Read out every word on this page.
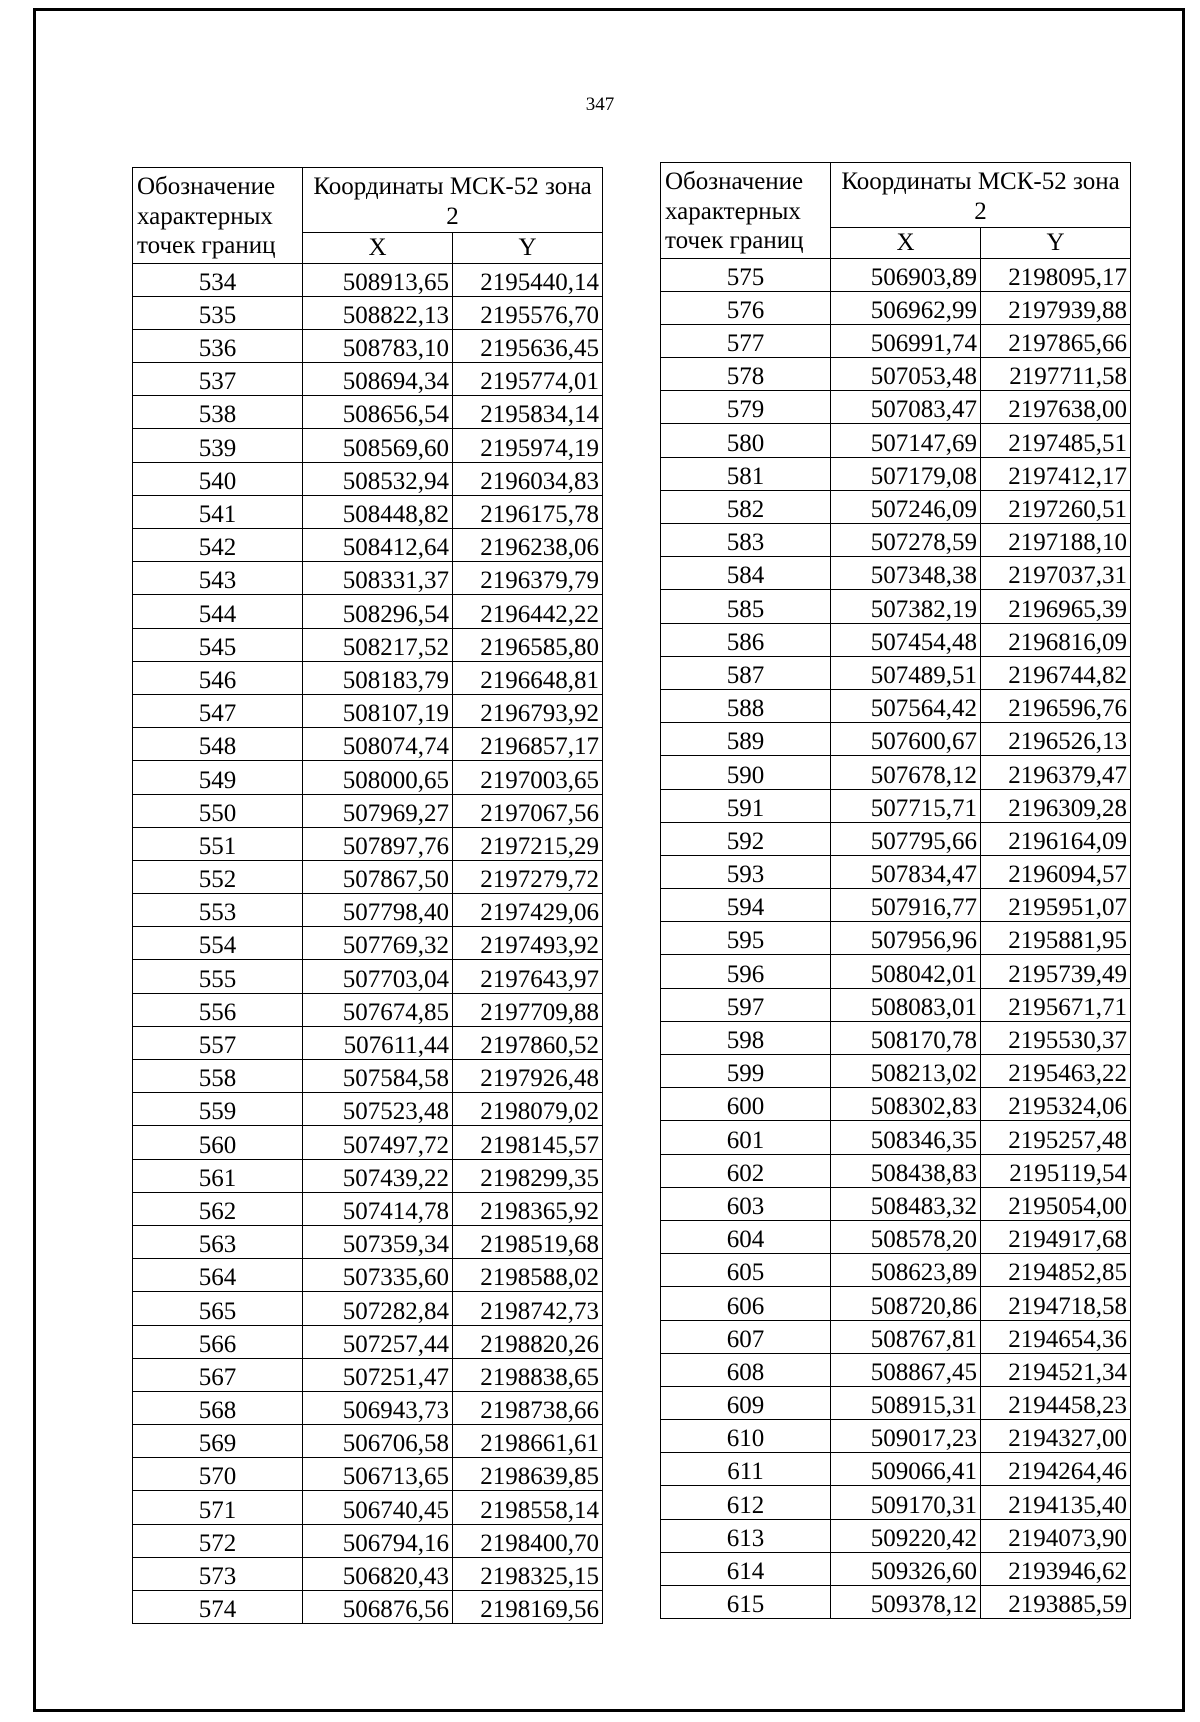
347
Обозначение характерных точек границ	Координаты МСК-52 зона 2	
	X	Y
534	508913,65	2195440,14
535	508822,13	2195576,70
536	508783,10	2195636,45
537	508694,34	2195774,01
538	508656,54	2195834,14
539	508569,60	2195974,19
540	508532,94	2196034,83
541	508448,82	2196175,78
542	508412,64	2196238,06
543	508331,37	2196379,79
544	508296,54	2196442,22
545	508217,52	2196585,80
546	508183,79	2196648,81
547	508107,19	2196793,92
548	508074,74	2196857,17
549	508000,65	2197003,65
550	507969,27	2197067,56
551	507897,76	2197215,29
552	507867,50	2197279,72
553	507798,40	2197429,06
554	507769,32	2197493,92
555	507703,04	2197643,97
556	507674,85	2197709,88
557	507611,44	2197860,52
558	507584,58	2197926,48
559	507523,48	2198079,02
560	507497,72	2198145,57
561	507439,22	2198299,35
562	507414,78	2198365,92
563	507359,34	2198519,68
564	507335,60	2198588,02
565	507282,84	2198742,73
566	507257,44	2198820,26
567	507251,47	2198838,65
568	506943,73	2198738,66
569	506706,58	2198661,61
570	506713,65	2198639,85
571	506740,45	2198558,14
572	506794,16	2198400,70
573	506820,43	2198325,15
574	506876,56	2198169,56
Обозначение характерных точек границ	Координаты МСК-52 зона 2	
	X	Y
575	506903,89	2198095,17
576	506962,99	2197939,88
577	506991,74	2197865,66
578	507053,48	2197711,58
579	507083,47	2197638,00
580	507147,69	2197485,51
581	507179,08	2197412,17
582	507246,09	2197260,51
583	507278,59	2197188,10
584	507348,38	2197037,31
585	507382,19	2196965,39
586	507454,48	2196816,09
587	507489,51	2196744,82
588	507564,42	2196596,76
589	507600,67	2196526,13
590	507678,12	2196379,47
591	507715,71	2196309,28
592	507795,66	2196164,09
593	507834,47	2196094,57
594	507916,77	2195951,07
595	507956,96	2195881,95
596	508042,01	2195739,49
597	508083,01	2195671,71
598	508170,78	2195530,37
599	508213,02	2195463,22
600	508302,83	2195324,06
601	508346,35	2195257,48
602	508438,83	2195119,54
603	508483,32	2195054,00
604	508578,20	2194917,68
605	508623,89	2194852,85
606	508720,86	2194718,58
607	508767,81	2194654,36
608	508867,45	2194521,34
609	508915,31	2194458,23
610	509017,23	2194327,00
611	509066,41	2194264,46
612	509170,31	2194135,40
613	509220,42	2194073,90
614	509326,60	2193946,62
615	509378,12	2193885,59
